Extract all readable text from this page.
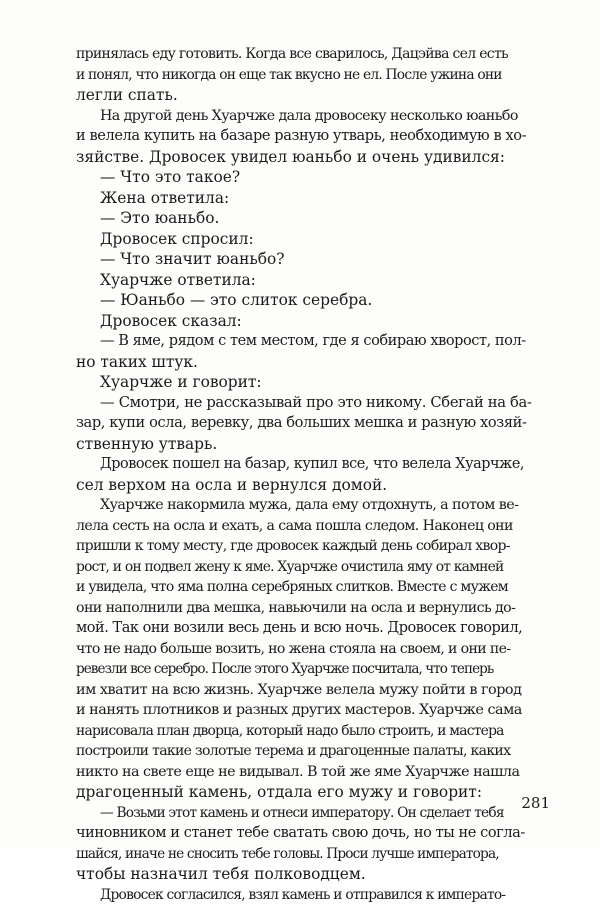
принялась еду готовить. Когда все сварилось, Дацэйва сел есть
и понял, что никогда он еще так вкусно не ел. После ужина они
легли спать.
На другой день Хуарчже дала дровосеку несколько юаньбо
и велела купить на базаре разную утварь, необходимую в хо-
зяйстве. Дровосек увидел юаньбо и очень удивился:
— Что это такое?
Жена ответила:
— Это юаньбо.
Дровосек спросил:
— Что значит юаньбо?
Хуарчже ответила:
— Юаньбо — это слиток серебра.
Дровосек сказал:
— В яме, рядом с тем местом, где я собираю хворост, пол-
но таких штук.
Хуарчже и говорит:
— Смотри, не рассказывай про это никому. Сбегай на ба-
зар, купи осла, веревку, два больших мешка и разную хозяй-
ственную утварь.
Дровосек пошел на базар, купил все, что велела Хуарчже,
сел верхом на осла и вернулся домой.
Хуарчже накормила мужа, дала ему отдохнуть, а потом ве-
лела сесть на осла и ехать, а сама пошла следом. Наконец они
пришли к тому месту, где дровосек каждый день собирал хвор-
рост, и он подвел жену к яме. Хуарчже очистила яму от камней
и увидела, что яма полна серебряных слитков. Вместе с мужем
они наполнили два мешка, навьючили на осла и вернулись до-
мой. Так они возили весь день и всю ночь. Дровосек говорил,
что не надо больше возить, но жена стояла на своем, и они пе-
ревезли все серебро. После этого Хуарчже посчитала, что теперь
им хватит на всю жизнь. Хуарчже велела мужу пойти в город
и нанять плотников и разных других мастеров. Хуарчже сама
нарисовала план дворца, который надо было строить, и мастера
построили такие золотые терема и драгоценные палаты, каких
никто на свете еще не видывал. В той же яме Хуарчже нашла
драгоценный камень, отдала его мужу и говорит:
— Возьми этот камень и отнеси императору. Он сделает тебя
чиновником и станет тебе сватать свою дочь, но ты не согла-
шайся, иначе не сносить тебе головы. Проси лучше императора,
чтобы назначил тебя полководцем.
Дровосек согласился, взял камень и отправился к императо-
281
